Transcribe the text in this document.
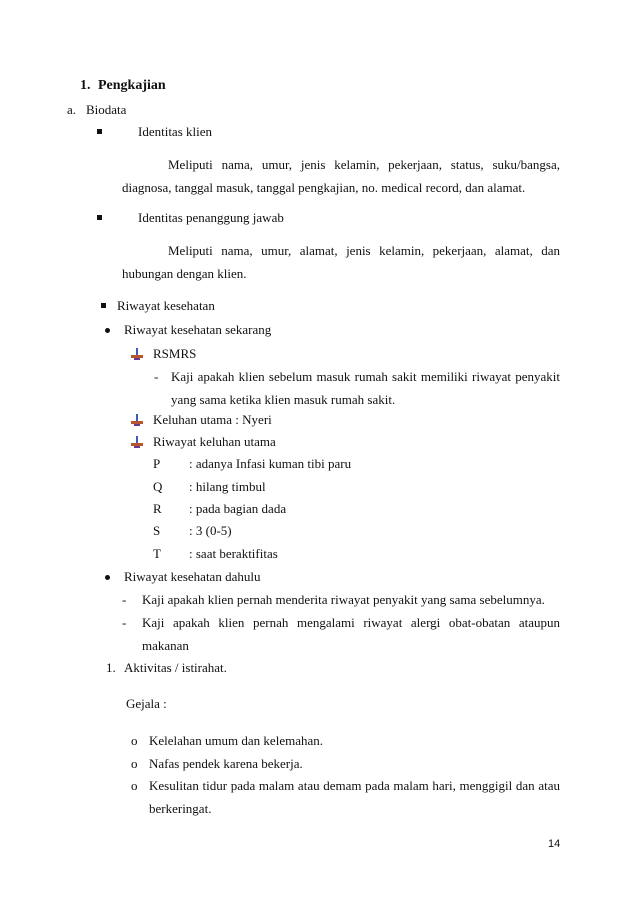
1. Pengkajian
a. Biodata
Identitas klien
Meliputi nama, umur, jenis kelamin, pekerjaan, status, suku/bangsa,
diagnosa, tanggal masuk, tanggal pengkajian, no. medical record, dan alamat.
Identitas penanggung jawab
Meliputi nama, umur, alamat, jenis kelamin, pekerjaan, alamat, dan
hubungan dengan klien.
Riwayat kesehatan
Riwayat kesehatan sekarang
RSMRS
- Kaji apakah klien sebelum masuk rumah sakit memiliki riwayat penyakit
yang sama ketika klien masuk rumah sakit.
Keluhan utama : Nyeri
Riwayat keluhan utama
P : adanya Infasi kuman tibi paru
Q : hilang timbul
R : pada bagian dada
S : 3 (0-5)
T : saat beraktifitas
Riwayat kesehatan dahulu
- Kaji apakah klien pernah menderita riwayat penyakit yang sama sebelumnya.
- Kaji apakah klien pernah mengalami riwayat alergi obat-obatan ataupun
makanan
1. Aktivitas / istirahat.
Gejala :
o Kelelahan umum dan kelemahan.
o Nafas pendek karena bekerja.
o Kesulitan tidur pada malam atau demam pada malam hari, menggigil dan atau
berkeringat.
14
